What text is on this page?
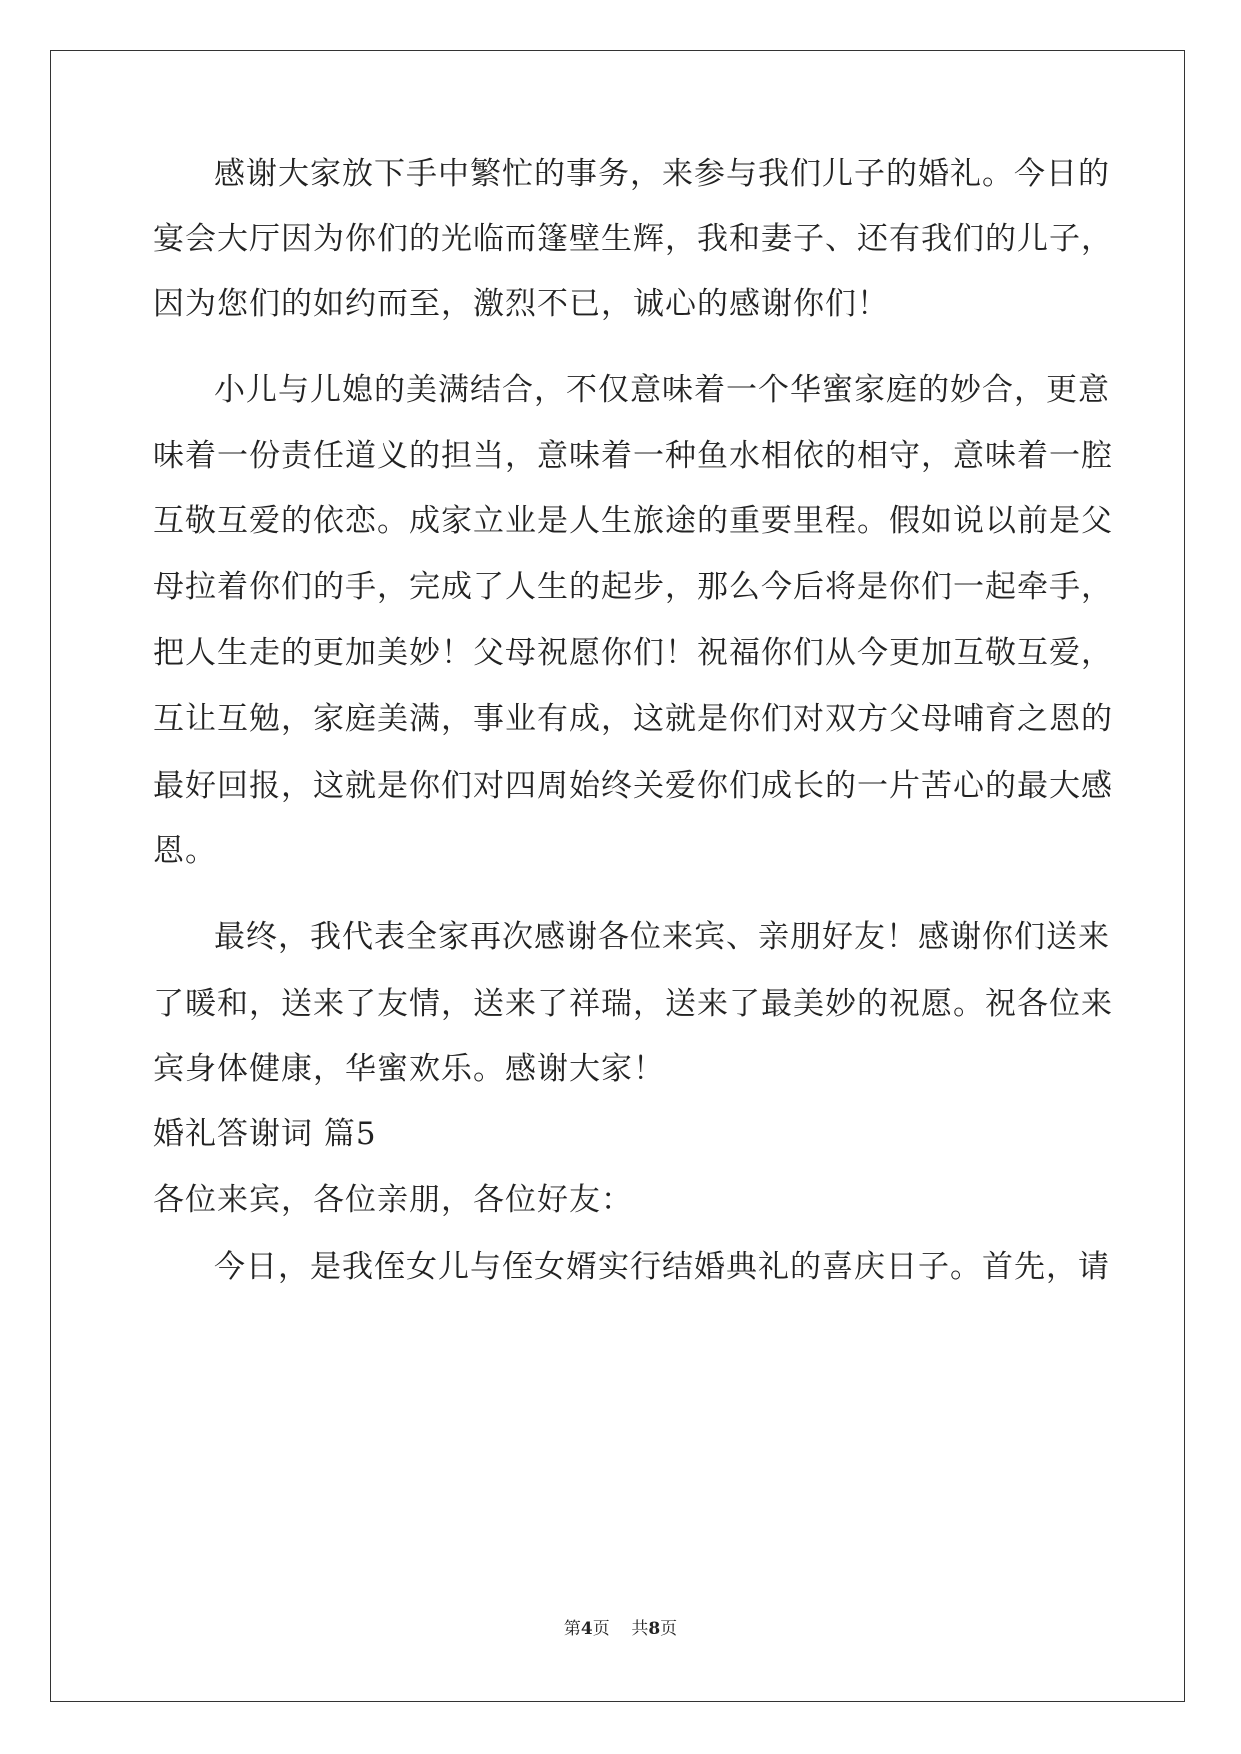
感谢大家放下手中繁忙的事务，来参与我们儿子的婚礼。今日的

宴会大厅因为你们的光临而篷壁生辉，我和妻子、还有我们的儿子，

因为您们的如约而至，激烈不已，诚心的感谢你们！

小儿与儿媳的美满结合，不仅意味着一个华蜜家庭的妙合，更意

味着一份责任道义的担当，意味着一种鱼水相依的相守，意味着一腔

互敬互爱的依恋。成家立业是人生旅途的重要里程。假如说以前是父

母拉着你们的手，完成了人生的起步，那么今后将是你们一起牵手，

把人生走的更加美妙！父母祝愿你们！祝福你们从今更加互敬互爱，

互让互勉，家庭美满，事业有成，这就是你们对双方父母哺育之恩的

最好回报，这就是你们对四周始终关爱你们成长的一片苦心的最大感

恩。

最终，我代表全家再次感谢各位来宾、亲朋好友！感谢你们送来

了暖和，送来了友情，送来了祥瑞，送来了最美妙的祝愿。祝各位来

宾身体健康，华蜜欢乐。感谢大家！

婚礼答谢词 篇5

各位来宾，各位亲朋，各位好友：

今日，是我侄女儿与侄女婿实行结婚典礼的喜庆日子。首先，请

第4页 共8页
